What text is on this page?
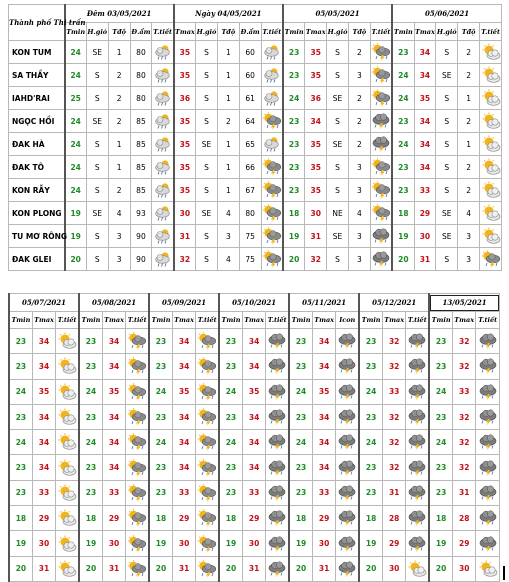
Thành phố Thị trấn	Đêm 03/05/2021					Ngày 04/05/2021					05/05/2021					05/06/2021				
	Tmin	H.gió	Tđộ	Đ.ẩm	T.tiết	Tmax	H.gió	Tđộ	Đ.ẩm	T.tiết	Tmin	Tmax	H.gió	Tđộ	T.tiết	Tmin	Tmax	H.gió	Tđộ	T.tiết
KON TUM	24	SE	1	80		35	S	1	60		23	35	S	2		23	34	S	2	

SA THẦY	24	S	2	80		35	S	1	60		23	35	S	3		24	34	SE	2	

IAHD'RAI	25	S	2	80		36	S	1	61		24	36	SE	2		24	35	S	1	

NGỌC HỒI	24	SE	2	85		35	S	2	64		23	34	S	2		23	34	S	2	

ĐAK HÀ	24	S	1	85		35	SE	1	65		23	35	SE	2		24	34	S	1	

ĐAK TÔ	24	S	1	85		35	S	1	66		23	35	S	3		23	34	S	2	

KON RẪY	24	S	2	85		35	S	1	67		23	35	S	3		23	33	S	2	

KON PLONG	19	SE	4	93		30	SE	4	80		18	30	NE	4		18	29	SE	4	

TU MƠ RÔNG	19	S	3	90		31	S	3	75		19	31	SE	3		19	30	SE	3	

ĐAK GLEI	20	S	3	90		32	S	4	75		20	32	S	3		20	31	S	3	
05/07/2021			05/08/2021			05/09/2021			05/10/2021			05/11/2021			05/12/2021			13/05/2021		
Tmin	Tmax	T.tiết	Tmin	Tmax	T.tiết	Tmin	Tmax	T.tiết	Tmin	Tmax	T.tiết	Tmin	Tmax	Icon	Tmin	Tmax	T.tiết	Tmin	Tmax	T.tiết
23	34		23	34		23	34		23	34		23	34		23	32		23	32	

23	34		23	34		23	34		23	34		23	34		23	32		23	32	

24	35		24	35		24	35		24	35		24	35		24	33		24	33	

23	34		23	34		23	34		23	34		23	34		23	32		23	32	

24	34		24	34		24	34		24	34		24	34		24	32		24	32	

23	34		23	34		23	34		23	34		23	34		23	32		23	32	

23	33		23	33		23	33		23	33		23	33		23	31		23	31	

18	29		18	29		18	29		18	29		18	29		18	28		18	28	

19	30		19	30		19	30		19	30		19	30		19	29		19	29	

20	31		20	31		20	31		20	31		20	31		20	30		20	30	
